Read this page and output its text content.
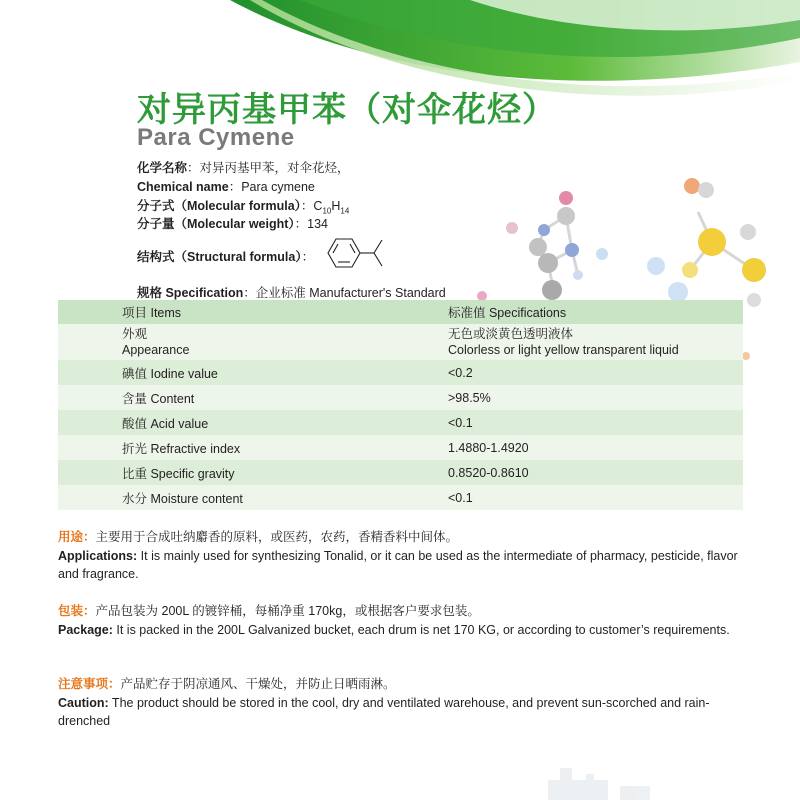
对异丙基甲苯（对伞花烃）
Para Cymene
化学名称：对异丙基甲苯，对伞花烃，
Chemical name：Para cymene
分子式（Molecular formula）：$C_{10}H_{14}$
分子量（Molecular weight）：134
结构式（Structural formula）：
规格 Specification：企业标准 Manufacturer's Standard
项目 Items	标准值 Specifications

外观
Appearance	无色或淡黄色透明液体
Colorless or light yellow transparent liquid

碘值 Iodine value	<0.2
含量 Content	>98.5%
酸值 Acid value	<0.1
折光 Refractive index	1.4880-1.4920
比重 Specific gravity	0.8520-0.8610
水分 Moisture content	<0.1
用途：主要用于合成吐纳麝香的原料，或医药，农药，香精香料中间体。
Applications: It is mainly used for synthesizing Tonalid, or it can be used as the intermediate of pharmacy, pesticide, flavor and fragrance.
包装：产品包装为 200L 的镀锌桶，每桶净重 170kg，或根据客户要求包装。
Package: It is packed in the 200L Galvanized bucket, each drum is net 170 KG, or according to customer’s requirements.
注意事项：产品贮存于阴凉通风、干燥处，并防止日晒雨淋。
Caution: The product should be stored in the cool, dry and ventilated warehouse, and prevent sun-scorched and rain-drenched
